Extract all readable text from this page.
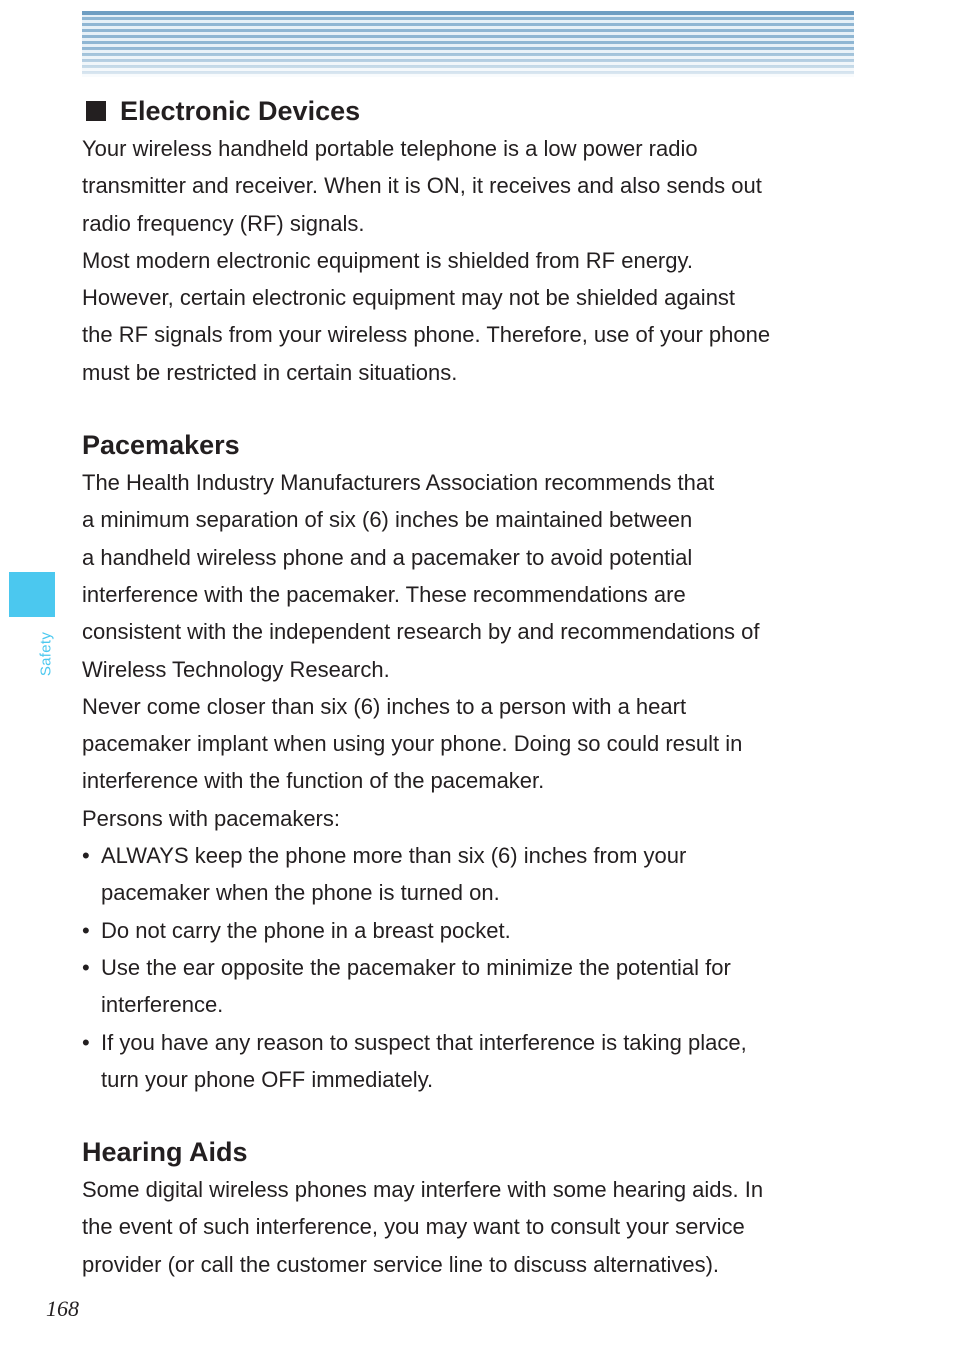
Safety
Electronic Devices

Your wireless handheld portable telephone is a low power radio

transmitter and receiver. When it is ON, it receives and also sends out

radio frequency (RF) signals.

Most modern electronic equipment is shielded from RF energy.

However, certain electronic equipment may not be shielded against

the RF signals from your wireless phone. Therefore, use of your phone

must be restricted in certain situations.

Pacemakers

The Health Industry Manufacturers Association recommends that

a minimum separation of six (6) inches be maintained between

a handheld wireless phone and a pacemaker to avoid potential

interference with the pacemaker. These recommendations are

consistent with the independent research by and recommendations of

Wireless Technology Research.

Never come closer than six (6) inches to a person with a heart

pacemaker implant when using your phone. Doing so could result in

interference with the function of the pacemaker.

Persons with pacemakers:

• ALWAYS keep the phone more than six (6) inches from your
pacemaker when the phone is turned on.
• Do not carry the phone in a breast pocket.
• Use the ear opposite the pacemaker to minimize the potential for
interference.
• If you have any reason to suspect that interference is taking place,
turn your phone OFF immediately.
Hearing Aids

Some digital wireless phones may interfere with some hearing aids. In

the event of such interference, you may want to consult your service

provider (or call the customer service line to discuss alternatives).

168
